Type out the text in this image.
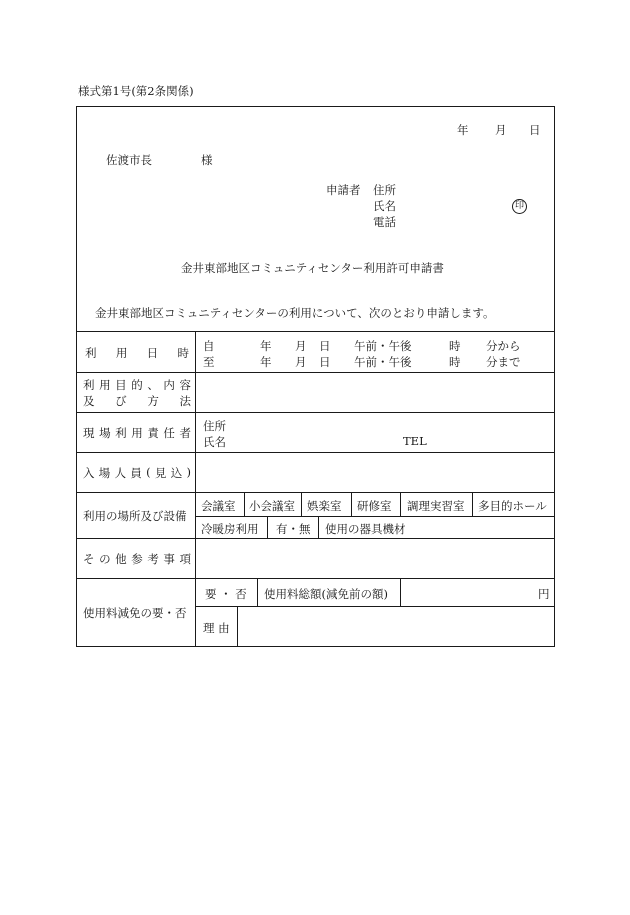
様式第1号(第2条関係)
年 月 日
佐渡市長	様
申請者 住所
氏名	印
電話
金井東部地区コミュニティセンター利用許可申請書
金井東部地区コミュニティセンターの利用について、次のとおり申請します。
利 用 日 時 自	年 月 日 午前・午後	時 分から
至	年 月 日 午前・午後	時 分まで
利 用 目 的 、 内 容
及 び 方 法
現 場 利 用 責 任 者 住所
氏名	TEL
入 場 人 員 ( 見 込 )
利用の場所及び設備
会議室 小会議室 娯楽室 研修室 調理実習室 多目的ホール
冷暖房利用 有・無 使用の器具機材
そ の 他 参 考 事 項
使用料減免の要・否
要 ・ 否 使用料総額(減免前の額)	円
理 由
